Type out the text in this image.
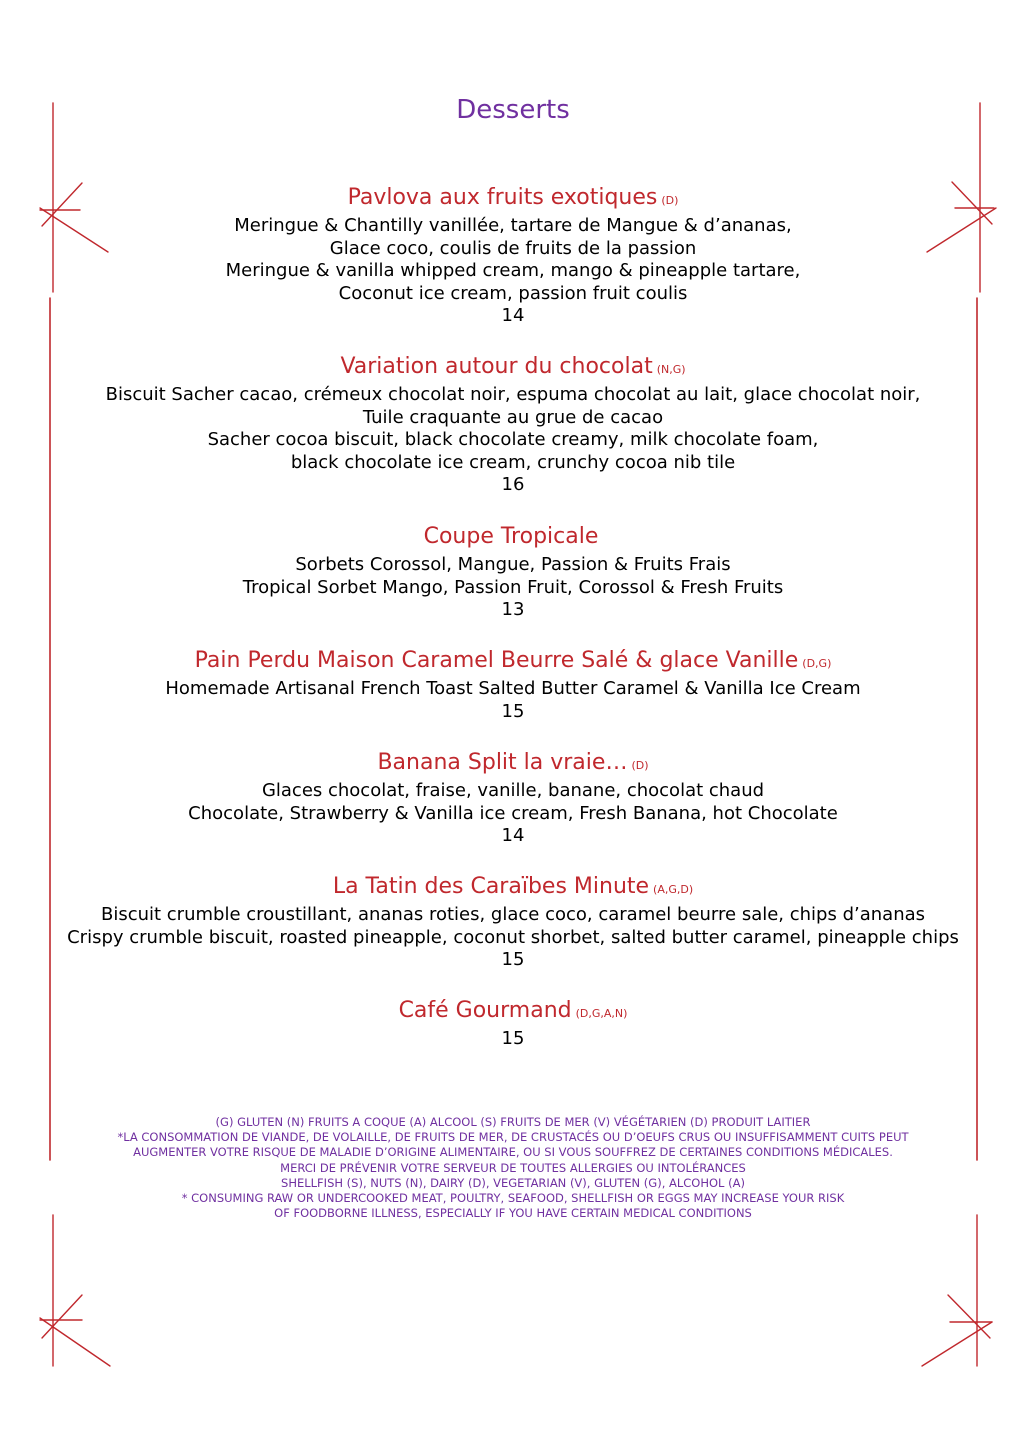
Desserts
Pavlova aux fruits exotiques (D)
Meringue & Chantilly vanillée, tartare de Mangue & d’ananas,
Glace coco, coulis de fruits de la passion
Meringue & vanilla whipped cream, mango & pineapple tartare,
Coconut ice cream, passion fruit coulis
14
Variation autour du chocolat (N,G)
Biscuit Sacher cacao, crémeux chocolat noir, espuma chocolat au lait, glace chocolat noir,
Tuile craquante au grue de cacao
Sacher cocoa biscuit, black chocolate creamy, milk chocolate foam,
black chocolate ice cream, crunchy cocoa nib tile
16
Coupe Tropicale
Sorbets Corossol, Mangue, Passion & Fruits Frais
Tropical Sorbet Mango, Passion Fruit, Corossol & Fresh Fruits
13
Pain Perdu Maison Caramel Beurre Salé & glace Vanille (D,G)
Homemade Artisanal French Toast Salted Butter Caramel & Vanilla Ice Cream
15
Banana Split la vraie… (D)
Glaces chocolat, fraise, vanille, banane, chocolat chaud
Chocolate, Strawberry & Vanilla ice cream, Fresh Banana, hot Chocolate
14
La Tatin des Caraïbes Minute (A,G,D)
Biscuit crumble croustillant, ananas roties, glace coco, caramel beurre sale, chips d’ananas
Crispy crumble biscuit, roasted pineapple, coconut shorbet, salted butter caramel, pineapple chips
15
Café Gourmand (D,G,A,N)
15
(G) GLUTEN (N) FRUITS A COQUE (A) ALCOOL (S) FRUITS DE MER (V) VÉGÉTARIEN (D) PRODUIT LAITIER
*LA CONSOMMATION DE VIANDE, DE VOLAILLE, DE FRUITS DE MER, DE CRUSTACÉS OU D’OEUFS CRUS OU INSUFFISAMMENT CUITS PEUT
AUGMENTER VOTRE RISQUE DE MALADIE D’ORIGINE ALIMENTAIRE, OU SI VOUS SOUFFREZ DE CERTAINES CONDITIONS MÉDICALES.
MERCI DE PRÉVENIR VOTRE SERVEUR DE TOUTES ALLERGIES OU INTOLÉRANCES
SHELLFISH (S), NUTS (N), DAIRY (D), VEGETARIAN (V), GLUTEN (G), ALCOHOL (A)
* CONSUMING RAW OR UNDERCOOKED MEAT, POULTRY, SEAFOOD, SHELLFISH OR EGGS MAY INCREASE YOUR RISK
OF FOODBORNE ILLNESS, ESPECIALLY IF YOU HAVE CERTAIN MEDICAL CONDITIONS
